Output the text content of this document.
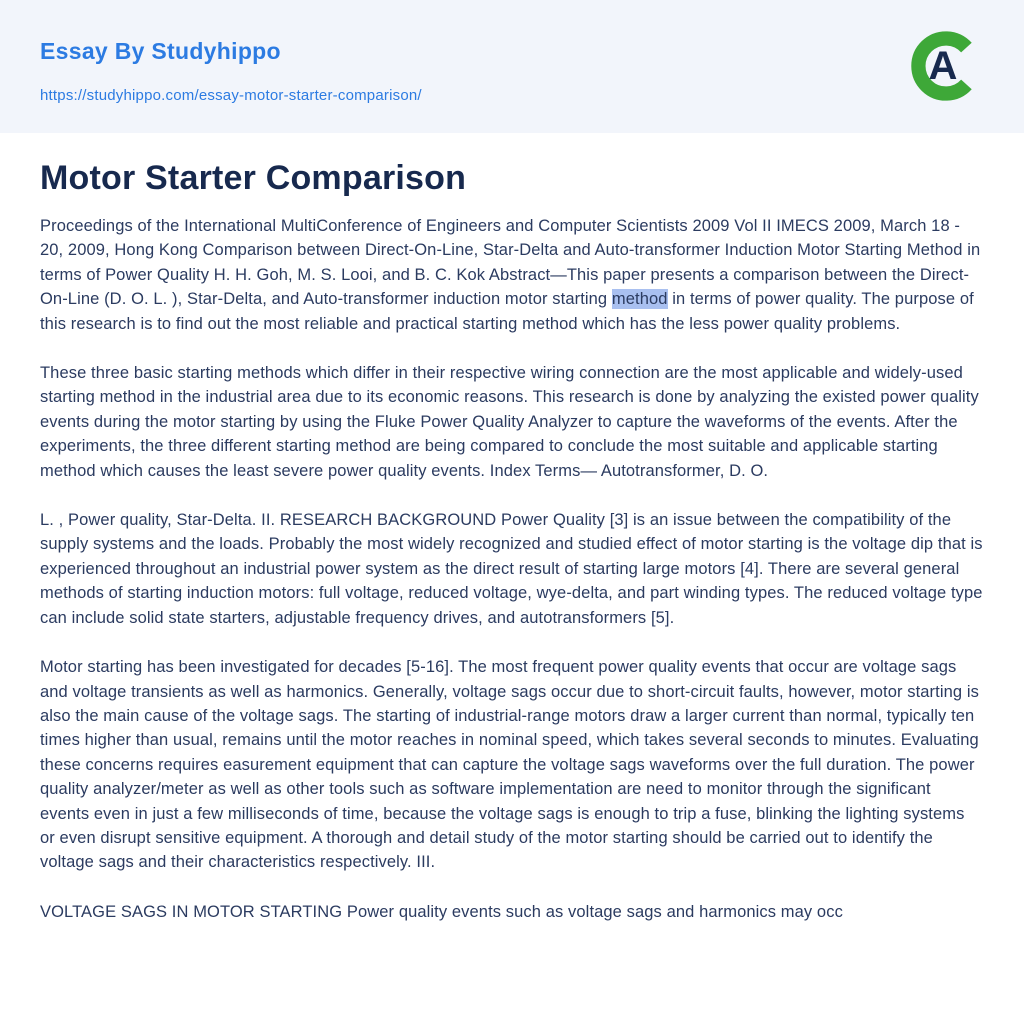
Essay By Studyhippo
https://studyhippo.com/essay-motor-starter-comparison/
A
Motor Starter Comparison

Proceedings of the International MultiConference of Engineers and Computer Scientists 2009 Vol II IMECS 2009, March 18 - 20, 2009, Hong Kong Comparison between Direct-On-Line, Star-Delta and Auto-transformer Induction Motor Starting Method in terms of Power Quality H. H. Goh, M. S. Looi, and B. C. Kok Abstract—This paper presents a comparison between the Direct-On-Line (D. O. L. ), Star-Delta, and Auto-transformer induction motor starting method in terms of power quality. The purpose of this research is to find out the most reliable and practical starting method which has the less power quality problems.

These three basic starting methods which differ in their respective wiring connection are the most applicable and widely-used starting method in the industrial area due to its economic reasons. This research is done by analyzing the existed power quality events during the motor starting by using the Fluke Power Quality Analyzer to capture the waveforms of the events. After the experiments, the three different starting method are being compared to conclude the most suitable and applicable starting method which causes the least severe power quality events. Index Terms— Autotransformer, D. O.

L. , Power quality, Star-Delta. II. RESEARCH BACKGROUND Power Quality [3] is an issue between the compatibility of the supply systems and the loads. Probably the most widely recognized and studied effect of motor starting is the voltage dip that is experienced throughout an industrial power system as the direct result of starting large motors [4]. There are several general methods of starting induction motors: full voltage, reduced voltage, wye-delta, and part winding types. The reduced voltage type can include solid state starters, adjustable frequency drives, and autotransformers [5].

Motor starting has been investigated for decades [5-16]. The most frequent power quality events that occur are voltage sags and voltage transients as well as harmonics. Generally, voltage sags occur due to short-circuit faults, however, motor starting is also the main cause of the voltage sags. The starting of industrial-range motors draw a larger current than normal, typically ten times higher than usual, remains until the motor reaches in nominal speed, which takes several seconds to minutes. Evaluating these concerns requires easurement equipment that can capture the voltage sags waveforms over the full duration. The power quality analyzer/meter as well as other tools such as software implementation are need to monitor through the significant events even in just a few milliseconds of time, because the voltage sags is enough to trip a fuse, blinking the lighting systems or even disrupt sensitive equipment. A thorough and detail study of the motor starting should be carried out to identify the voltage sags and their characteristics respectively. III.

VOLTAGE SAGS IN MOTOR STARTING Power quality events such as voltage sags and harmonics may occ
